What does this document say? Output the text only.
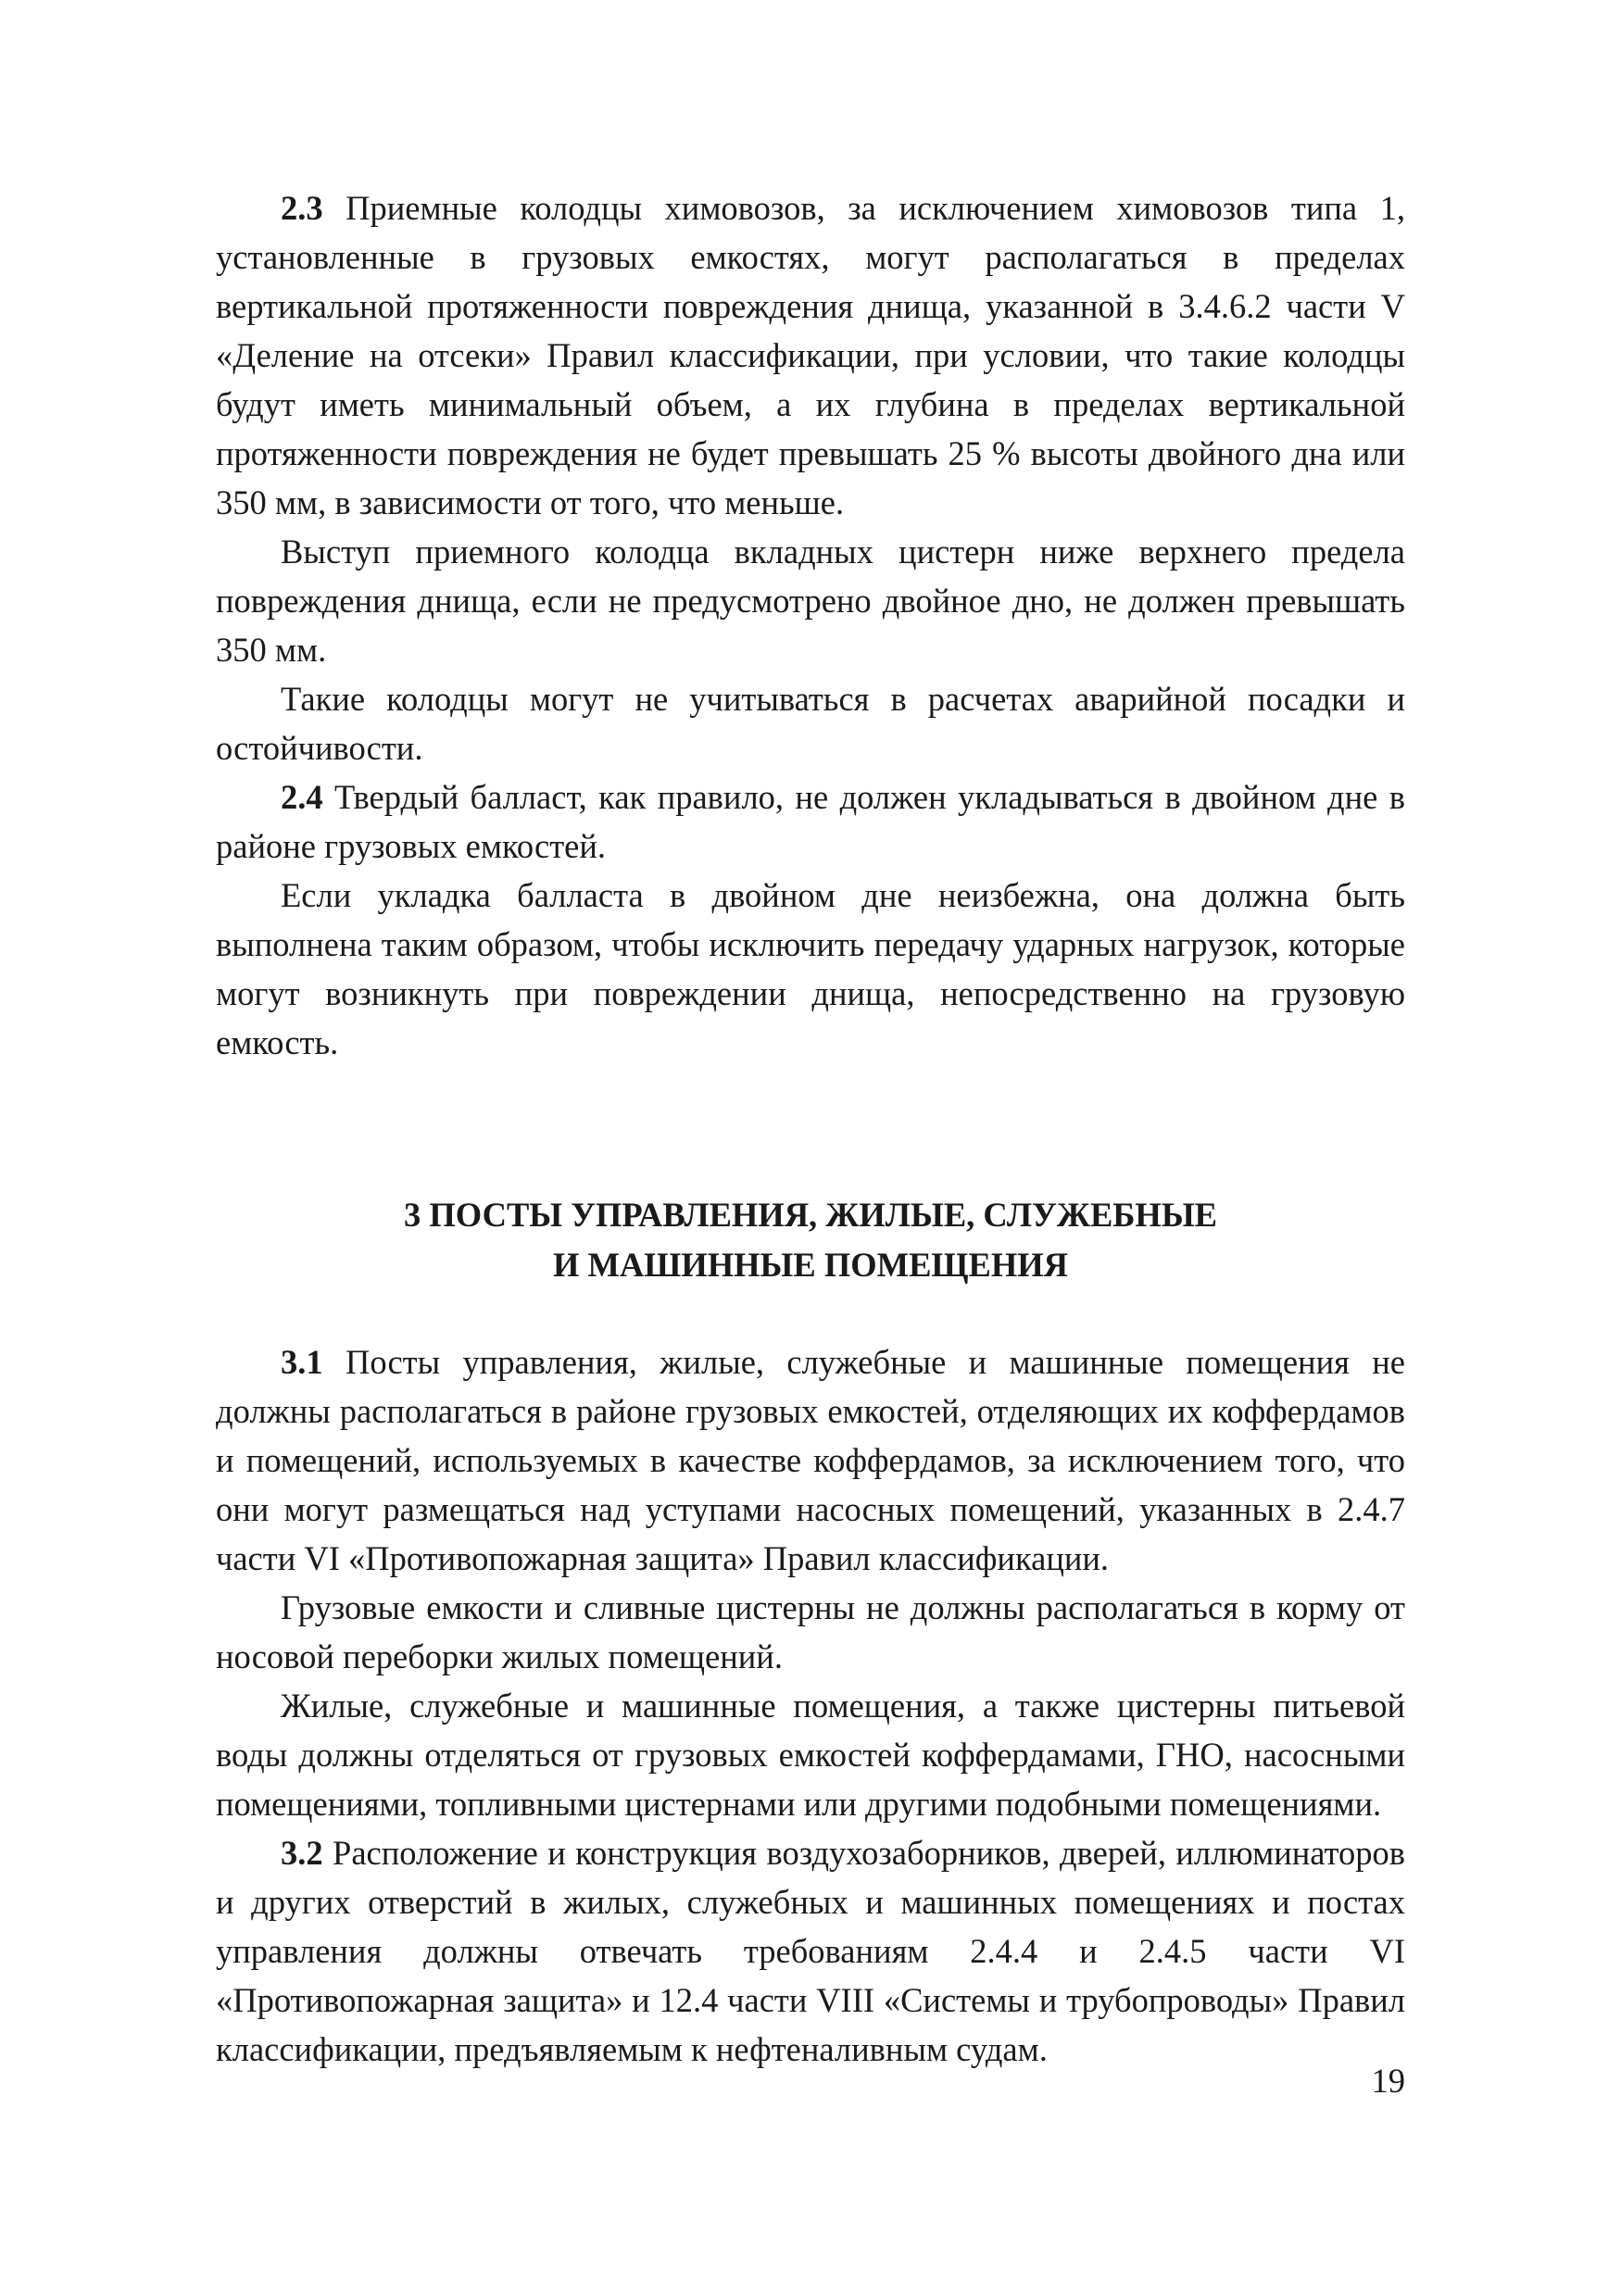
2.3 Приемные колодцы химовозов, за исключением химовозов типа 1, установленные в грузовых емкостях, могут располагаться в пределах вертикальной протяженности повреждения днища, указанной в 3.4.6.2 части V «Деление на отсеки» Правил классификации, при условии, что такие колодцы будут иметь минимальный объем, а их глубина в пределах вертикальной протяженности повреждения не будет превышать 25 % высоты двойного дна или 350 мм, в зависимости от того, что меньше.

Выступ приемного колодца вкладных цистерн ниже верхнего предела повреждения днища, если не предусмотрено двойное дно, не должен превышать 350 мм.

Такие колодцы могут не учитываться в расчетах аварийной посадки и остойчивости.

2.4 Твердый балласт, как правило, не должен укладываться в двойном дне в районе грузовых емкостей.

Если укладка балласта в двойном дне неизбежна, она должна быть выполнена таким образом, чтобы исключить передачу ударных нагрузок, которые могут возникнуть при повреждении днища, непосредственно на грузовую емкость.

3 ПОСТЫ УПРАВЛЕНИЯ, ЖИЛЫЕ, СЛУЖЕБНЫЕ
И МАШИННЫЕ ПОМЕЩЕНИЯ

3.1 Посты управления, жилые, служебные и машинные помещения не должны располагаться в районе грузовых емкостей, отделяющих их коффердамов и помещений, используемых в качестве коффердамов, за исключением того, что они могут размещаться над уступами насосных помещений, указанных в 2.4.7 части VI «Противопожарная защита» Правил классификации.

Грузовые емкости и сливные цистерны не должны располагаться в корму от носовой переборки жилых помещений.

Жилые, служебные и машинные помещения, а также цистерны питьевой воды должны отделяться от грузовых емкостей коффердамами, ГНО, насосными помещениями, топливными цистернами или другими подобными помещениями.

3.2 Расположение и конструкция воздухозаборников, дверей, иллюминаторов и других отверстий в жилых, служебных и машинных помещениях и постах управления должны отвечать требованиям 2.4.4 и 2.4.5 части VI «Противопожарная защита» и 12.4 части VIII «Системы и трубопроводы» Правил классификации, предъявляемым к нефтеналивным судам.

19
